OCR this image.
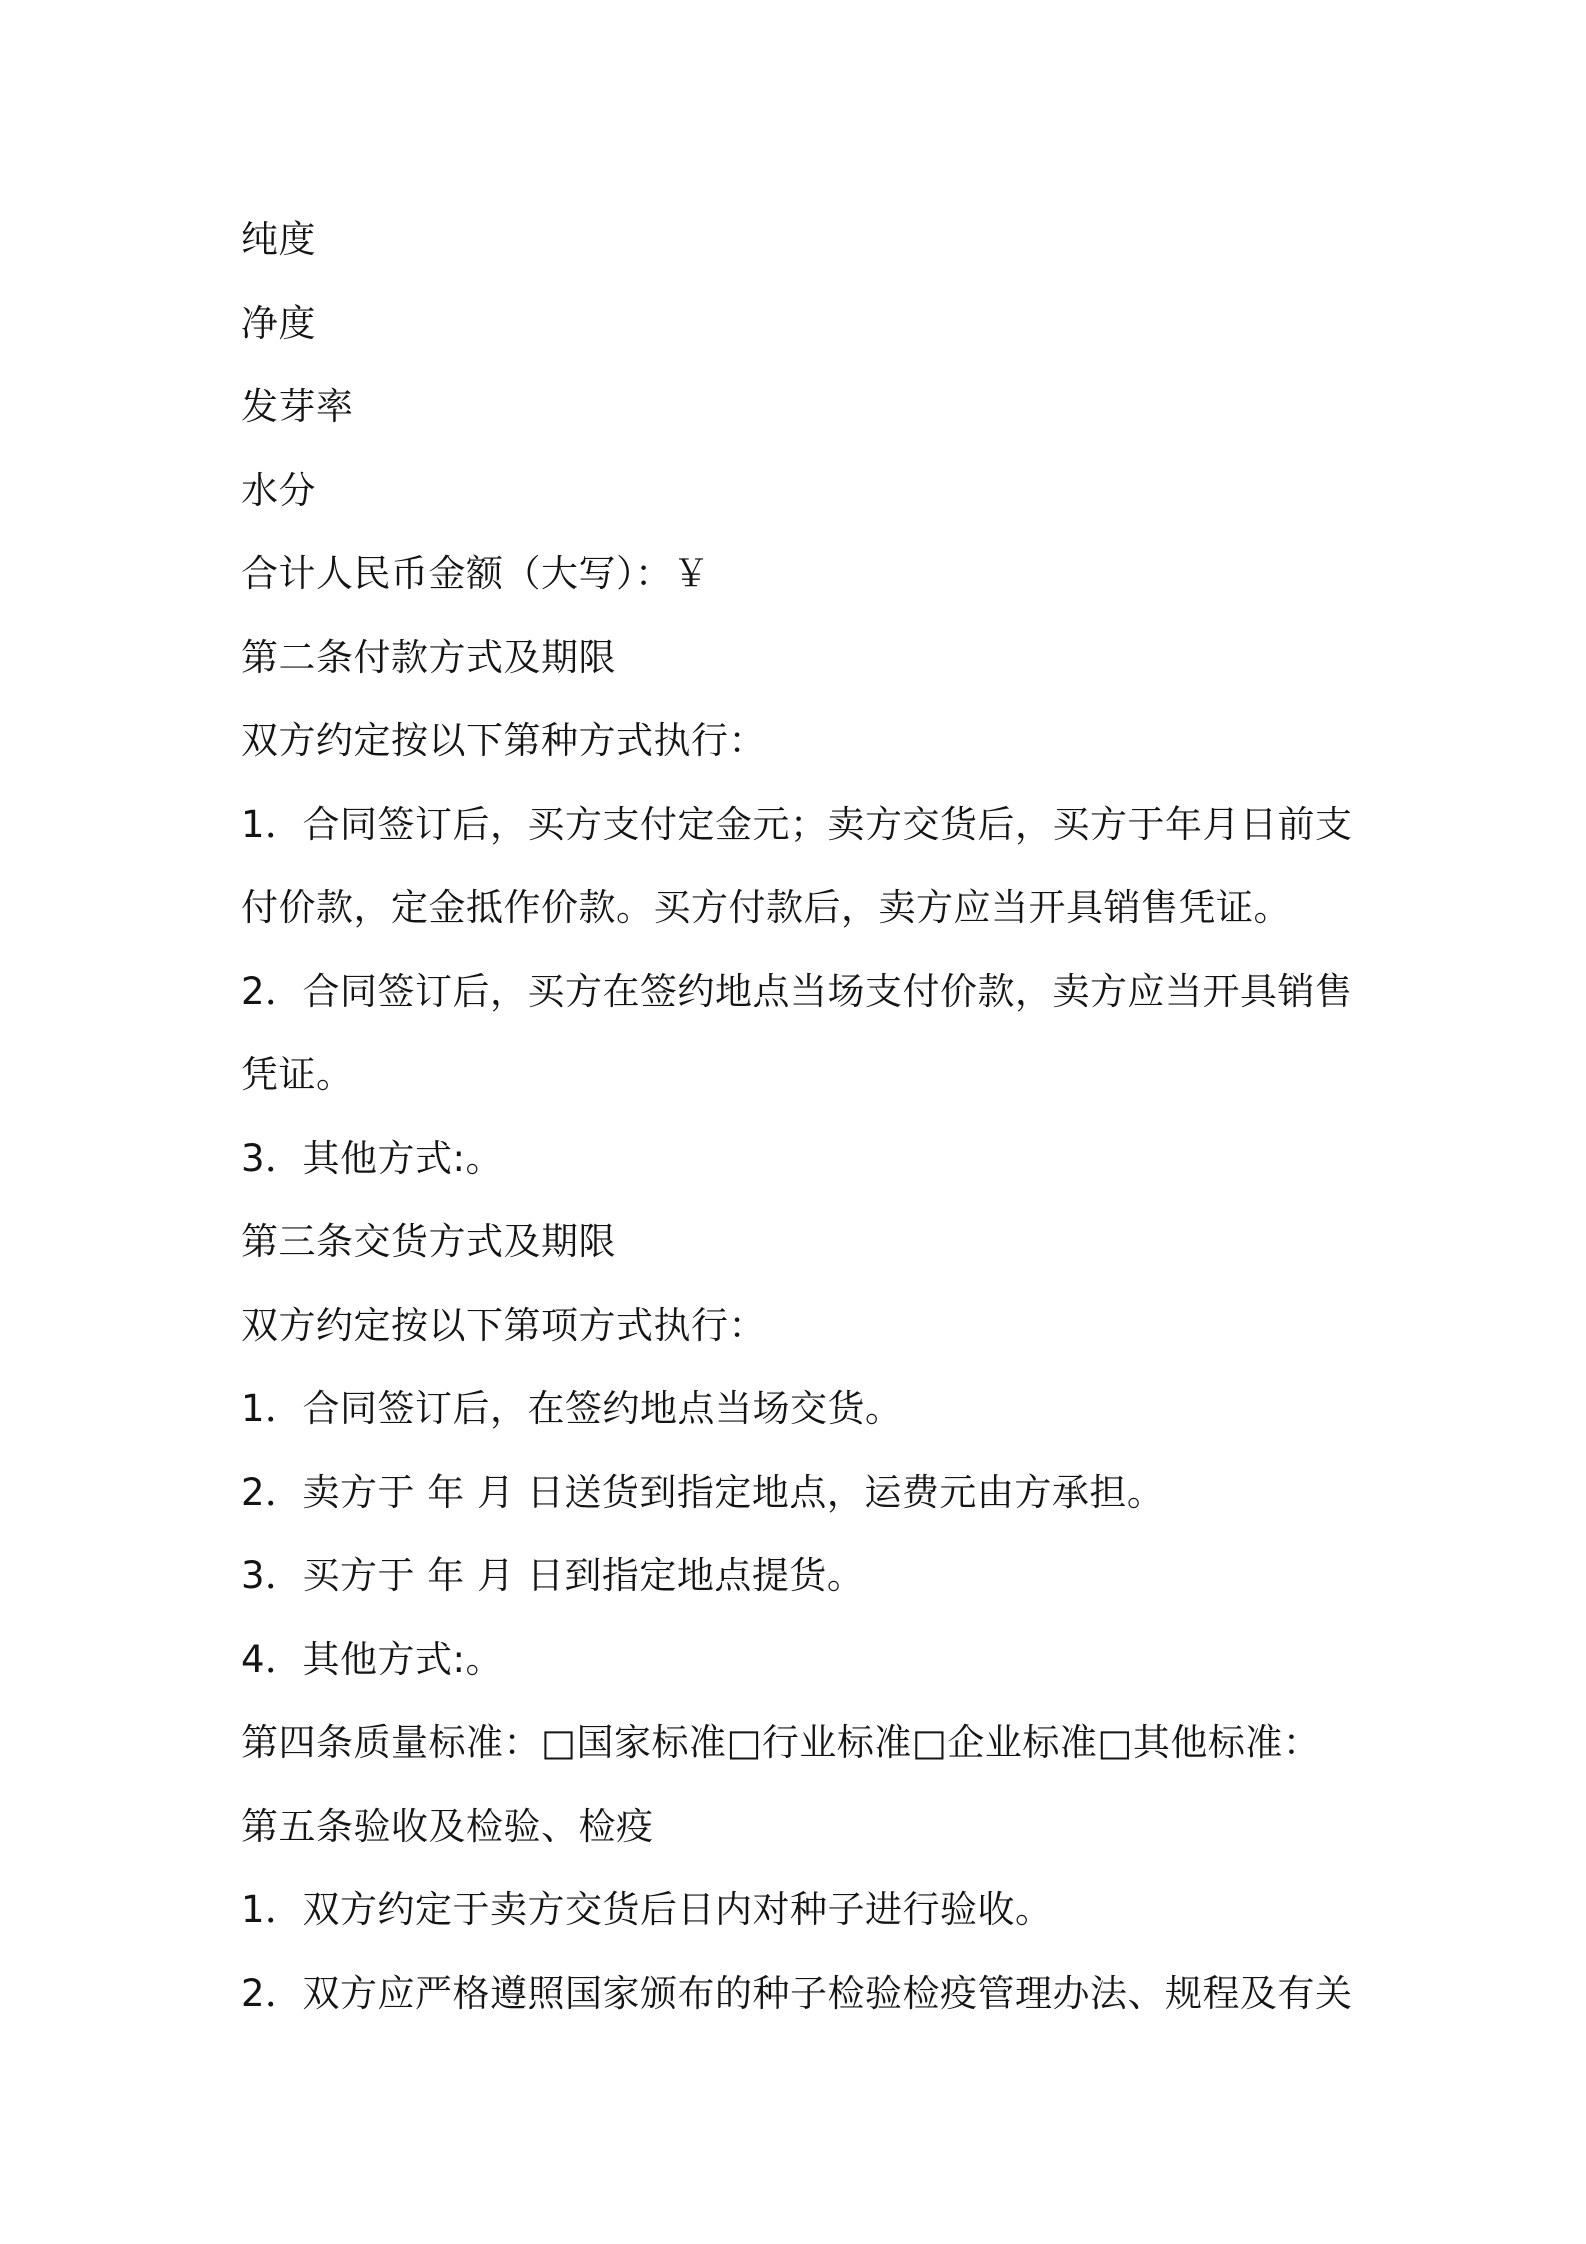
纯度
净度
发芽率
水分
合计人民币金额（大写）：￥
第二条付款方式及期限
双方约定按以下第种方式执行：
1．合同签订后，买方支付定金元；卖方交货后，买方于年月日前支
付价款，定金抵作价款。买方付款后，卖方应当开具销售凭证。
2．合同签订后，买方在签约地点当场支付价款，卖方应当开具销售
凭证。
3．其他方式:。
第三条交货方式及期限
双方约定按以下第项方式执行：
1．合同签订后，在签约地点当场交货。
2．卖方于 年 月 日送货到指定地点，运费元由方承担。
3．买方于 年 月 日到指定地点提货。
4．其他方式:。
第四条质量标准：□国家标准□行业标准□企业标准□其他标准：
第五条验收及检验、检疫
1．双方约定于卖方交货后日内对种子进行验收。
2．双方应严格遵照国家颁布的种子检验检疫管理办法、规程及有关
